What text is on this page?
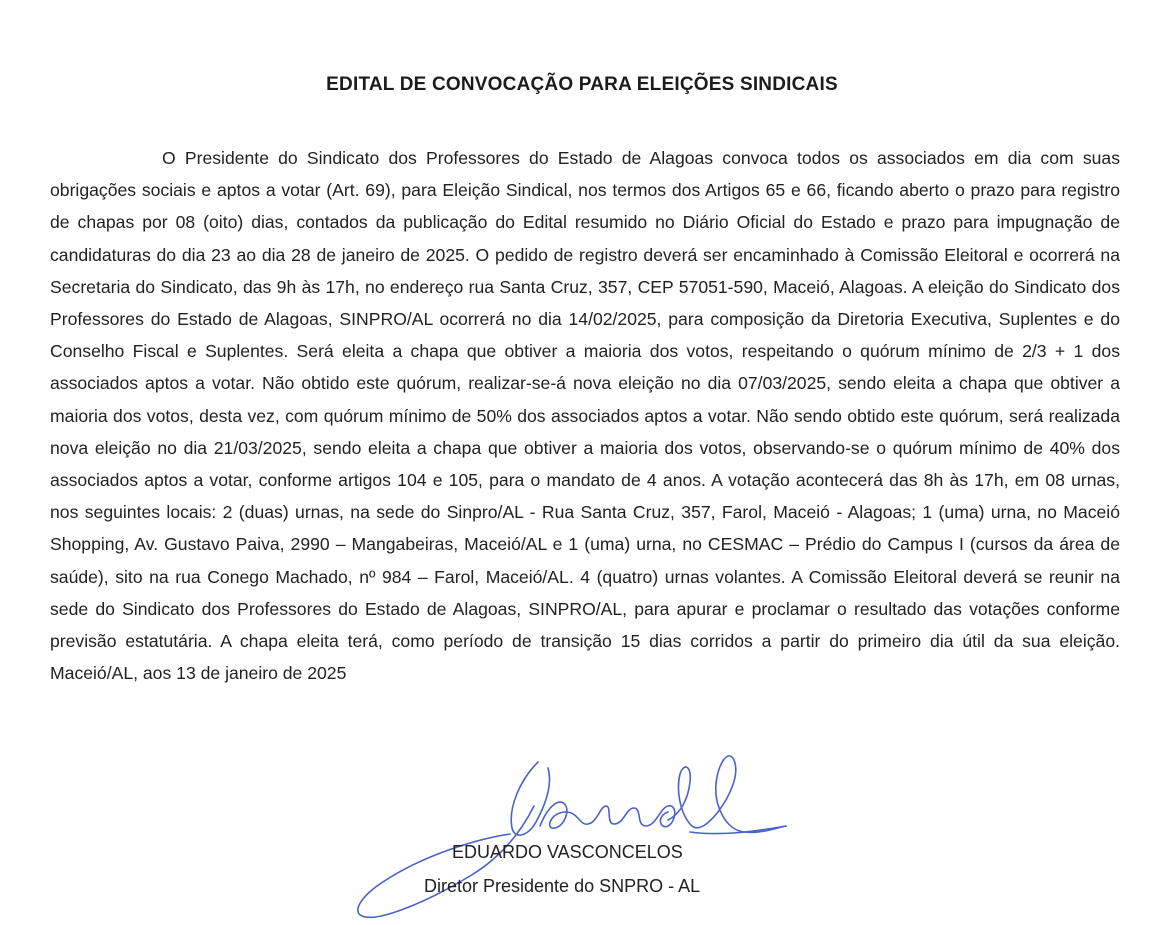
EDITAL DE CONVOCAÇÃO PARA ELEIÇÕES SINDICAIS

O Presidente do Sindicato dos Professores do Estado de Alagoas convoca todos os associados em dia com suas obrigações sociais e aptos a votar (Art. 69), para Eleição Sindical, nos termos dos Artigos 65 e 66, ficando aberto o prazo para registro de chapas por 08 (oito) dias, contados da publicação do Edital resumido no Diário Oficial do Estado e prazo para impugnação de candidaturas do dia 23 ao dia 28 de janeiro de 2025. O pedido de registro deverá ser encaminhado à Comissão Eleitoral e ocorrerá na Secretaria do Sindicato, das 9h às 17h, no endereço rua Santa Cruz, 357, CEP 57051-590, Maceió, Alagoas. A eleição do Sindicato dos Professores do Estado de Alagoas, SINPRO/AL ocorrerá no dia 14/02/2025, para composição da Diretoria Executiva, Suplentes e do Conselho Fiscal e Suplentes. Será eleita a chapa que obtiver a maioria dos votos, respeitando o quórum mínimo de 2/3 + 1 dos associados aptos a votar. Não obtido este quórum, realizar-se-á nova eleição no dia 07/03/2025, sendo eleita a chapa que obtiver a maioria dos votos, desta vez, com quórum mínimo de 50% dos associados aptos a votar. Não sendo obtido este quórum, será realizada nova eleição no dia 21/03/2025, sendo eleita a chapa que obtiver a maioria dos votos, observando-se o quórum mínimo de 40% dos associados aptos a votar, conforme artigos 104 e 105, para o mandato de 4 anos. A votação acontecerá das 8h às 17h, em 08 urnas, nos seguintes locais: 2 (duas) urnas, na sede do Sinpro/AL - Rua Santa Cruz, 357, Farol, Maceió - Alagoas; 1 (uma) urna, no Maceió Shopping, Av. Gustavo Paiva, 2990 – Mangabeiras, Maceió/AL e 1 (uma) urna, no CESMAC – Prédio do Campus I (cursos da área de saúde), sito na rua Conego Machado, nº 984 – Farol, Maceió/AL. 4 (quatro) urnas volantes. A Comissão Eleitoral deverá se reunir na sede do Sindicato dos Professores do Estado de Alagoas, SINPRO/AL, para apurar e proclamar o resultado das votações conforme previsão estatutária. A chapa eleita terá, como período de transição 15 dias corridos a partir do primeiro dia útil da sua eleição. Maceió/AL, aos 13 de janeiro de 2025

EDUARDO VASCONCELOS
Diretor Presidente do SNPRO - AL
